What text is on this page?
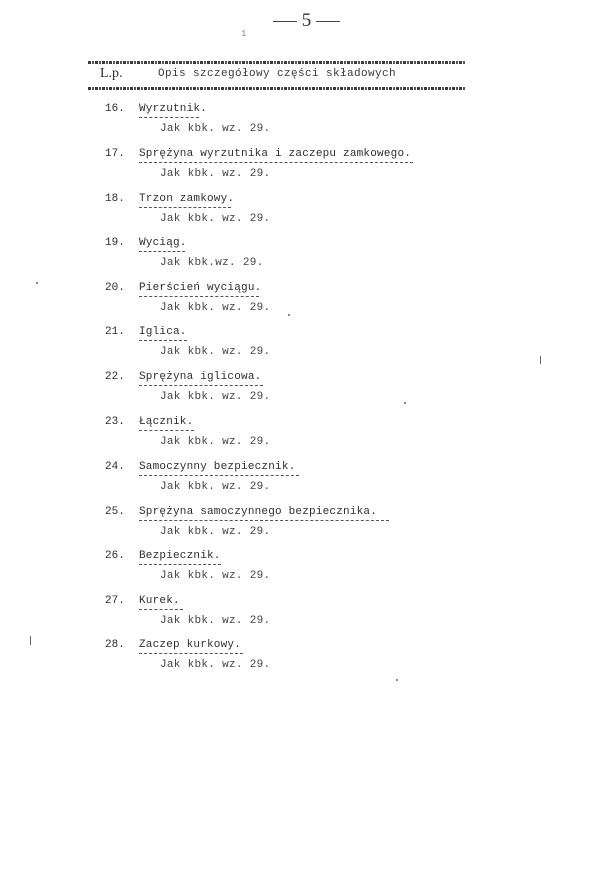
5
1
L.p.	Opis szczegółowy części składowych
16. Wyrzutnik.
Jak kbk. wz. 29.
17. Sprężyna wyrzutnika i zaczepu zamkowego.
Jak kbk. wz. 29.
18. Trzon zamkowy.
Jak kbk. wz. 29.
19. Wyciąg.
Jak kbk.wz. 29.
20. Pierścień wyciągu.
Jak kbk. wz. 29.
21. Iglica.
Jak kbk. wz. 29.
22. Sprężyna iglicowa.
Jak kbk. wz. 29.
23. Łącznik.
Jak kbk. wz. 29.
24. Samoczynny bezpiecznik.
Jak kbk. wz. 29.
25. Sprężyna samoczynnego bezpiecznika.
Jak kbk. wz. 29.
26. Bezpiecznik.
Jak kbk. wz. 29.
27. Kurek.
Jak kbk. wz. 29.
28. Zaczep kurkowy.
Jak kbk. wz. 29.
